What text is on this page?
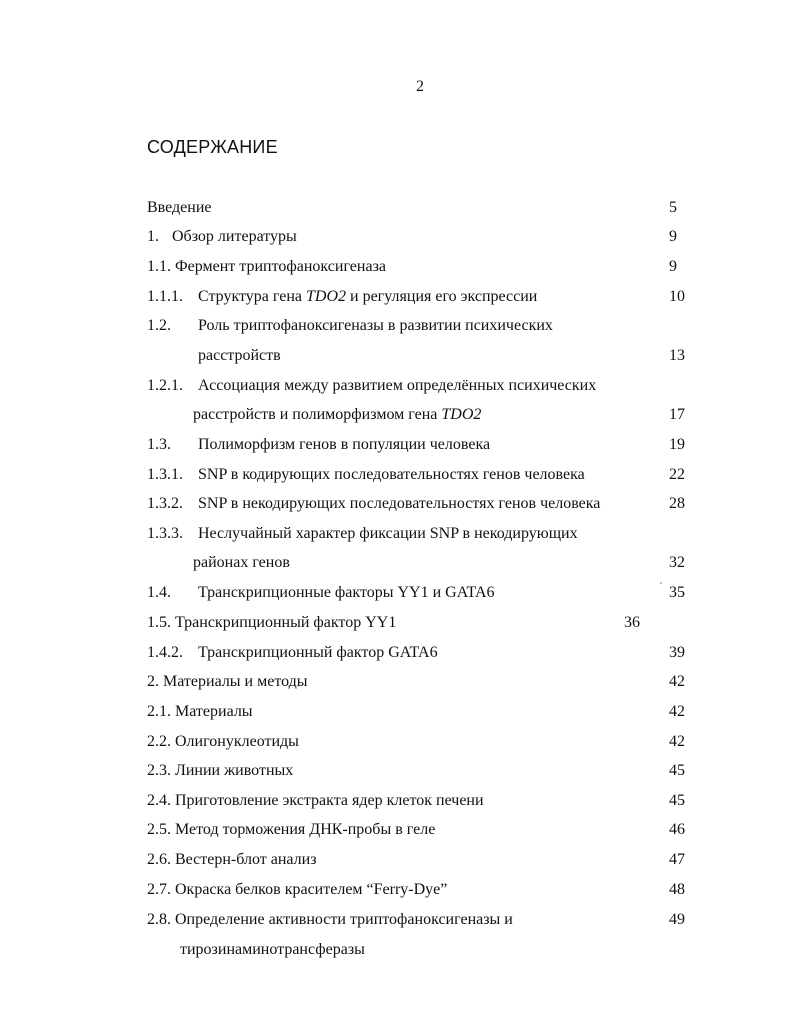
2
СОДЕРЖАНИЕ
Введение	5
1. Обзор литературы	9
1.1. Фермент триптофаноксигеназа	9
1.1.1. Структура гена TDO2 и регуляция его экспрессии	10
1.2. Роль триптофаноксигеназы в развитии психических
расстройств	13
1.2.1. Ассоциация между развитием определённых психических
расстройств и полиморфизмом гена TDO2	17
1.3. Полиморфизм генов в популяции человека	19
1.3.1. SNP в кодирующих последовательностях генов человека	22
1.3.2. SNP в некодирующих последовательностях генов человека	28
1.3.3. Неслучайный характер фиксации SNP в некодирующих
районах генов	32
1.4. Транскрипционные факторы YY1 и GATA6	35
1.5. Транскрипционный фактор YY1	36
1.4.2. Транскрипционный фактор GATA6	39
2. Материалы и методы	42
2.1. Материалы	42
2.2. Олигонуклеотиды	42
2.3. Линии животных	45
2.4. Приготовление экстракта ядер клеток печени	45
2.5. Метод торможения ДНК-пробы в геле	46
2.6. Вестерн-блот анализ	47
2.7. Окраска белков красителем “Ferry-Dye”	48
2.8. Определение активности триптофаноксигеназы и	49
тирозинаминотрансферазы
